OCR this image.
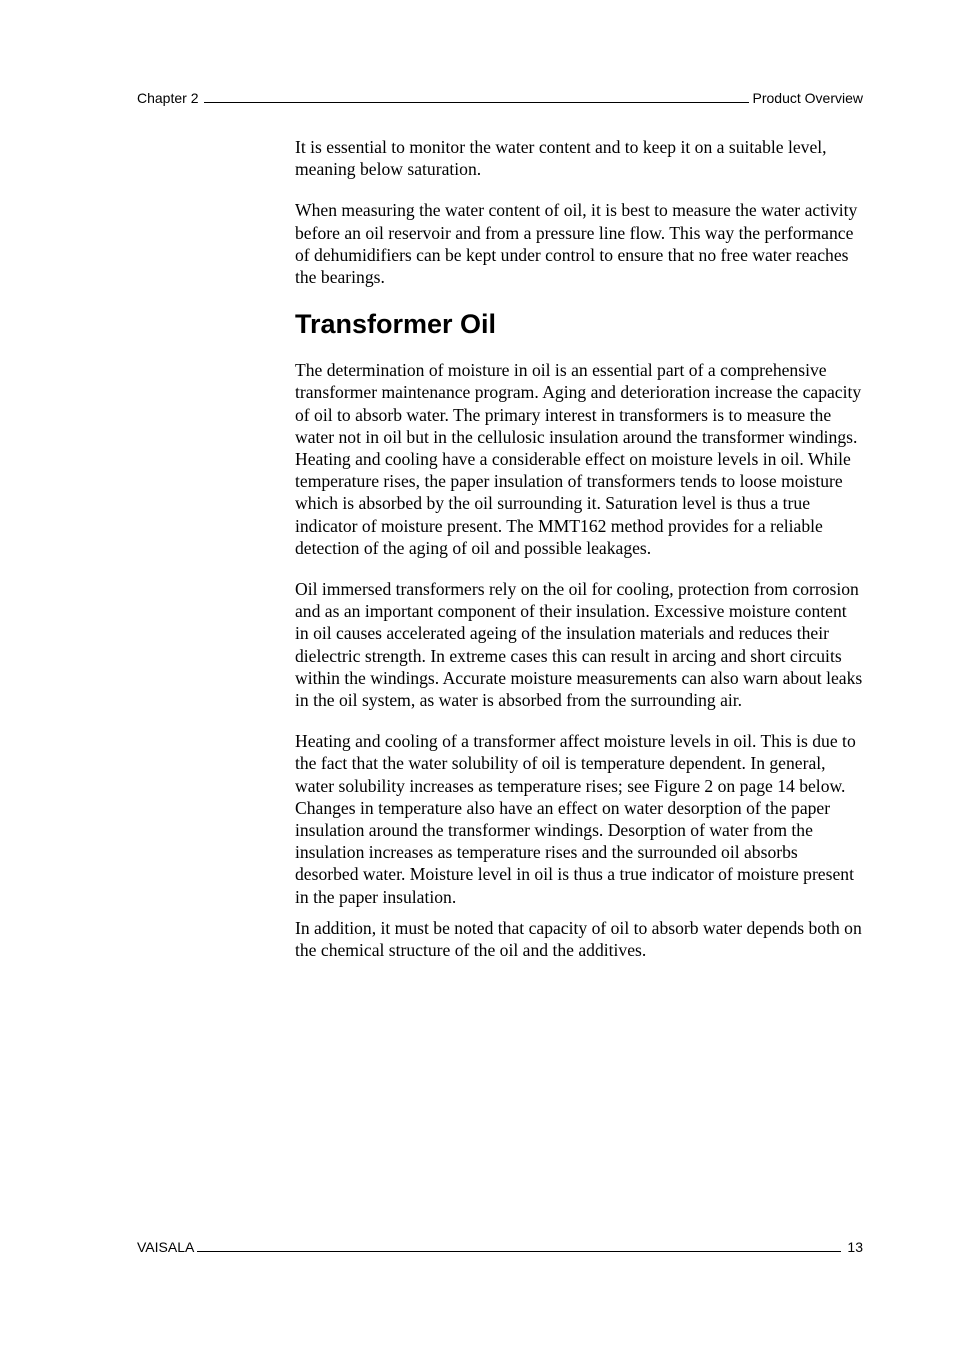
Chapter 2	Product Overview

It is essential to monitor the water content and to keep it on a suitable level, meaning below saturation.

When measuring the water content of oil, it is best to measure the water activity before an oil reservoir and from a pressure line flow. This way the performance of dehumidifiers can be kept under control to ensure that no free water reaches the bearings.

Transformer Oil

The determination of moisture in oil is an essential part of a comprehensive transformer maintenance program. Aging and deterioration increase the capacity of oil to absorb water. The primary interest in transformers is to measure the water not in oil but in the cellulosic insulation around the transformer windings. Heating and cooling have a considerable effect on moisture levels in oil. While temperature rises, the paper insulation of transformers tends to loose moisture which is absorbed by the oil surrounding it. Saturation level is thus a true indicator of moisture present. The MMT162 method provides for a reliable detection of the aging of oil and possible leakages.

Oil immersed transformers rely on the oil for cooling, protection from corrosion and as an important component of their insulation. Excessive moisture content in oil causes accelerated ageing of the insulation materials and reduces their dielectric strength. In extreme cases this can result in arcing and short circuits within the windings. Accurate moisture measurements can also warn about leaks in the oil system, as water is absorbed from the surrounding air.

Heating and cooling of a transformer affect moisture levels in oil. This is due to the fact that the water solubility of oil is temperature dependent. In general, water solubility increases as temperature rises; see Figure 2 on page 14 below. Changes in temperature also have an effect on water desorption of the paper insulation around the transformer windings. Desorption of water from the insulation increases as temperature rises and the surrounded oil absorbs desorbed water. Moisture level in oil is thus a true indicator of moisture present in the paper insulation.

In addition, it must be noted that capacity of oil to absorb water depends both on the chemical structure of the oil and the additives.

VAISALA	13
